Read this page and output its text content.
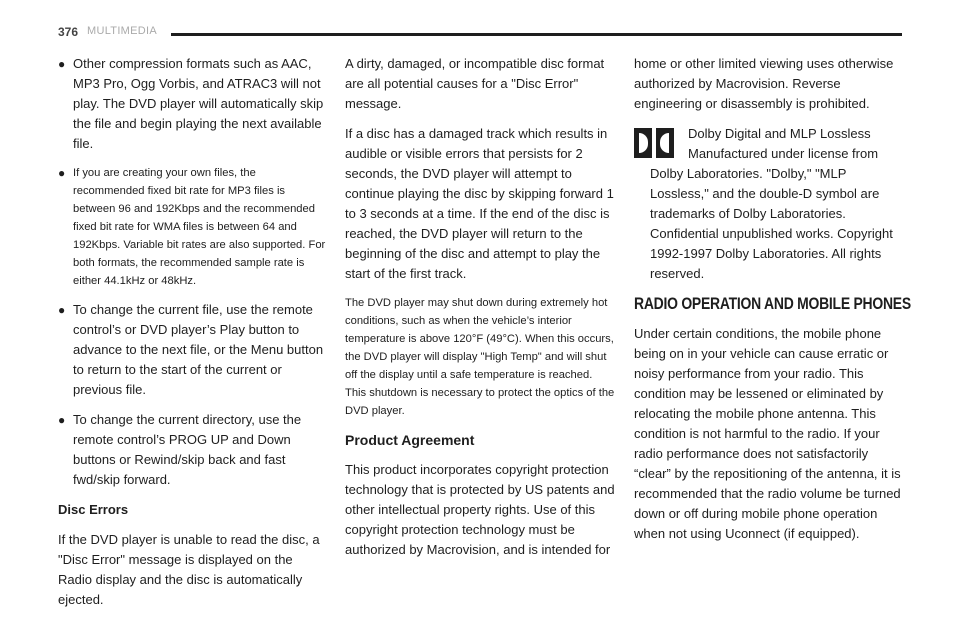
376 MULTIMEDIA
● Other compression formats such as AAC, MP3 Pro, Ogg Vorbis, and ATRAC3 will not play. The DVD player will automatically skip the file and begin playing the next available file.
● If you are creating your own files, the recommended fixed bit rate for MP3 files is between 96 and 192Kbps and the recommended fixed bit rate for WMA files is between 64 and 192Kbps. Variable bit rates are also supported. For both formats, the recommended sample rate is either 44.1kHz or 48kHz.
● To change the current file, use the remote control’s or DVD player’s Play button to advance to the next file, or the Menu button to return to the start of the current or previous file.
● To change the current directory, use the remote control’s PROG UP and Down buttons or Rewind/skip back and fast fwd/skip forward.

Disc Errors

If the DVD player is unable to read the disc, a "Disc Error" message is displayed on the Radio display and the disc is automatically ejected.

A dirty, damaged, or incompatible disc format are all potential causes for a "Disc Error" message.

If a disc has a damaged track which results in audible or visible errors that persists for 2 seconds, the DVD player will attempt to continue playing the disc by skipping forward 1 to 3 seconds at a time. If the end of the disc is reached, the DVD player will return to the beginning of the disc and attempt to play the start of the first track.

The DVD player may shut down during extremely hot conditions, such as when the vehicle’s interior temperature is above 120°F (49°C). When this occurs, the DVD player will display "High Temp" and will shut off the display until a safe temperature is reached. This shutdown is necessary to protect the optics of the DVD player.

Product Agreement

This product incorporates copyright protection technology that is protected by US patents and other intellectual property rights. Use of this copyright protection technology must be authorized by Macrovision, and is intended for

home or other limited viewing uses otherwise authorized by Macrovision. Reverse engineering or disassembly is prohibited.

Dolby Digital and MLP Lossless Manufactured under license from Dolby Laboratories. "Dolby," "MLP Lossless," and the double-D symbol are trademarks of Dolby Laboratories. Confidential unpublished works. Copyright 1992-1997 Dolby Laboratories. All rights reserved.

RADIO OPERATION AND MOBILE PHONES

Under certain conditions, the mobile phone being on in your vehicle can cause erratic or noisy performance from your radio. This condition may be lessened or eliminated by relocating the mobile phone antenna. This condition is not harmful to the radio. If your radio performance does not satisfactorily “clear” by the repositioning of the antenna, it is recommended that the radio volume be turned down or off during mobile phone operation when not using Uconnect (if equipped).
